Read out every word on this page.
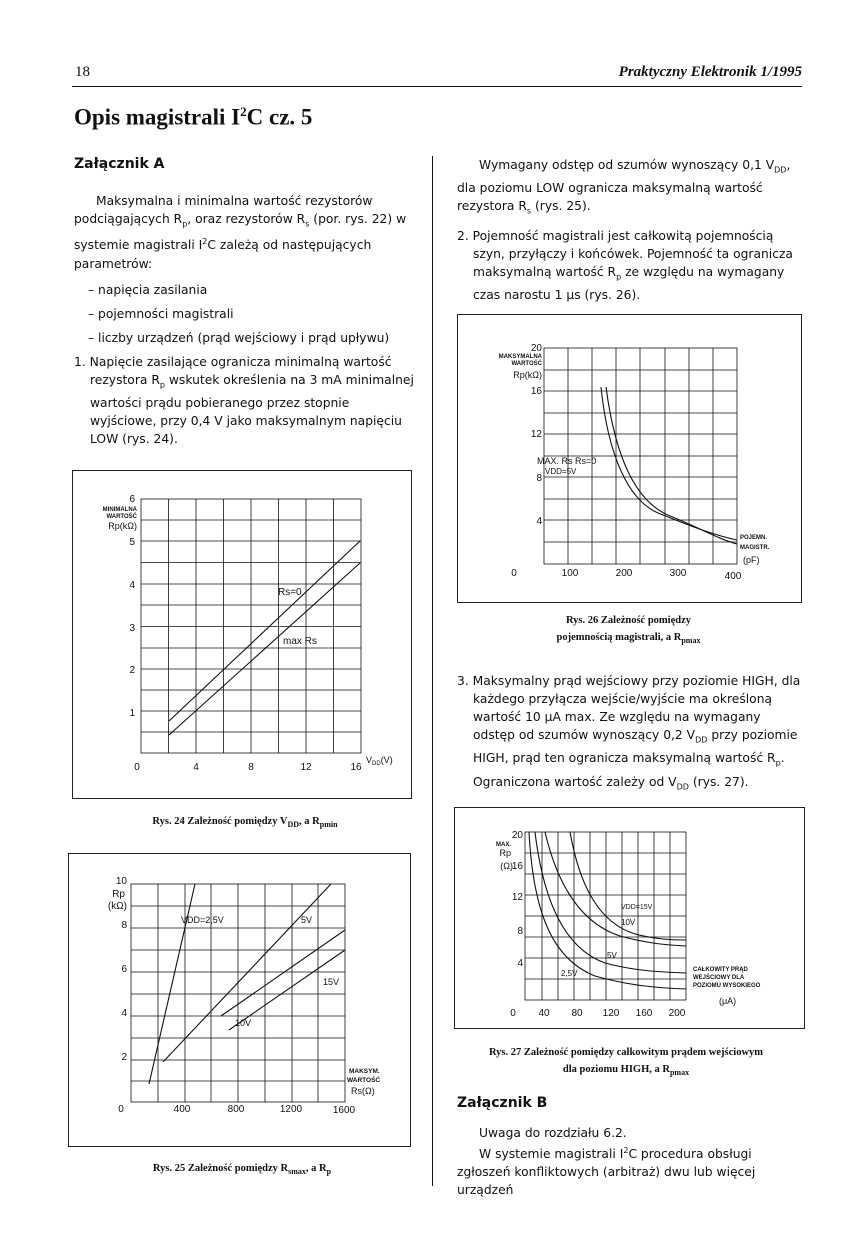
18	Praktyczny Elektronik 1/1995
Opis magistrali $I^2C$ cz. 5
Załącznik A

Maksymalna i minimalna wartość rezystorów podciągających $R_p$, oraz rezystorów $R_s$ (por. rys. 22) w systemie magistrali $I^2C$ zależą od następujących parametrów:

– napięcia zasilania

– pojemności magistrali

– liczby urządzeń (prąd wejściowy i prąd upływu)

1. Napięcie zasilające ogranicza minimalną wartość rezystora $R_p$ wskutek określenia na 3 mA minimalnej wartości prądu pobieranego przez stopnie wyjściowe, przy 0,4 V jako maksymalnym napięciu LOW (rys. 24).

6
5
4
3
2
1
0	4	8	12	16
MINIMALNA
WARTOŚĆ
Rp(kΩ)
$V_{DD}(V)$
Rs=0
max Rs
Rys. 24 Zależność pomiędzy $V_{DD}$, a $R_{pmin}$
10
8
6
4
2
0	400	800	1200	1600
Rp
(kΩ)
VDD=2,5V	5V
15V
10V
MAKSYM.
WARTOŚĆ
Rs(Ω)
Rys. 25 Zależność pomiędzy $R_{smax}$, a $R_p$

Wymagany odstęp od szumów wynoszący 0,1 $V_{DD}$, dla poziomu LOW ogranicza maksymalną wartość rezystora $R_s$ (rys. 25).

2. Pojemność magistrali jest całkowitą pojemnością szyn, przyłączy i końcówek. Pojemność ta ogranicza maksymalną wartość $R_p$ ze względu na wymagany czas narostu 1 μs (rys. 26).

20
16
12
8
4
0	100	200	300	400
Rp(kΩ)
MAX. Rs
VDD=5V
Rs=0
MAKSYMALNA
WARTOŚĆ
POJEMN.
MAGISTR.
(pF)
Rys. 26 Zależność pomiędzy
pojemnością magistrali, a $R_{pmax}$

3. Maksymalny prąd wejściowy przy poziomie HIGH, dla każdego przyłącza wejście/wyjście ma określoną wartość 10 μA max. Ze względu na wymagany odstęp od szumów wynoszący 0,2 $V_{DD}$ przy poziomie HIGH, prąd ten ogranicza maksymalną wartość $R_p$. Ograniczona wartość zależy od $V_{DD}$ (rys. 27).

20
16
12
8
4
0 40 80 120 160 200
Rp
(Ω)
VDD=15V
10V
5V
2,5V
MAX.
CAŁKOWITY PRĄD
WEJŚCIOWY DLA
POZIOMU WYSOKIEGO
(μA)
Rys. 27 Zależność pomiędzy całkowitym prądem wejściowym
dla poziomu HIGH, a $R_{pmax}$
Załącznik B

Uwaga do rozdziału 6.2.

W systemie magistrali $I^2C$ procedura obsługi zgłoszeń konfliktowych (arbitraż) dwu lub więcej urządzeń
